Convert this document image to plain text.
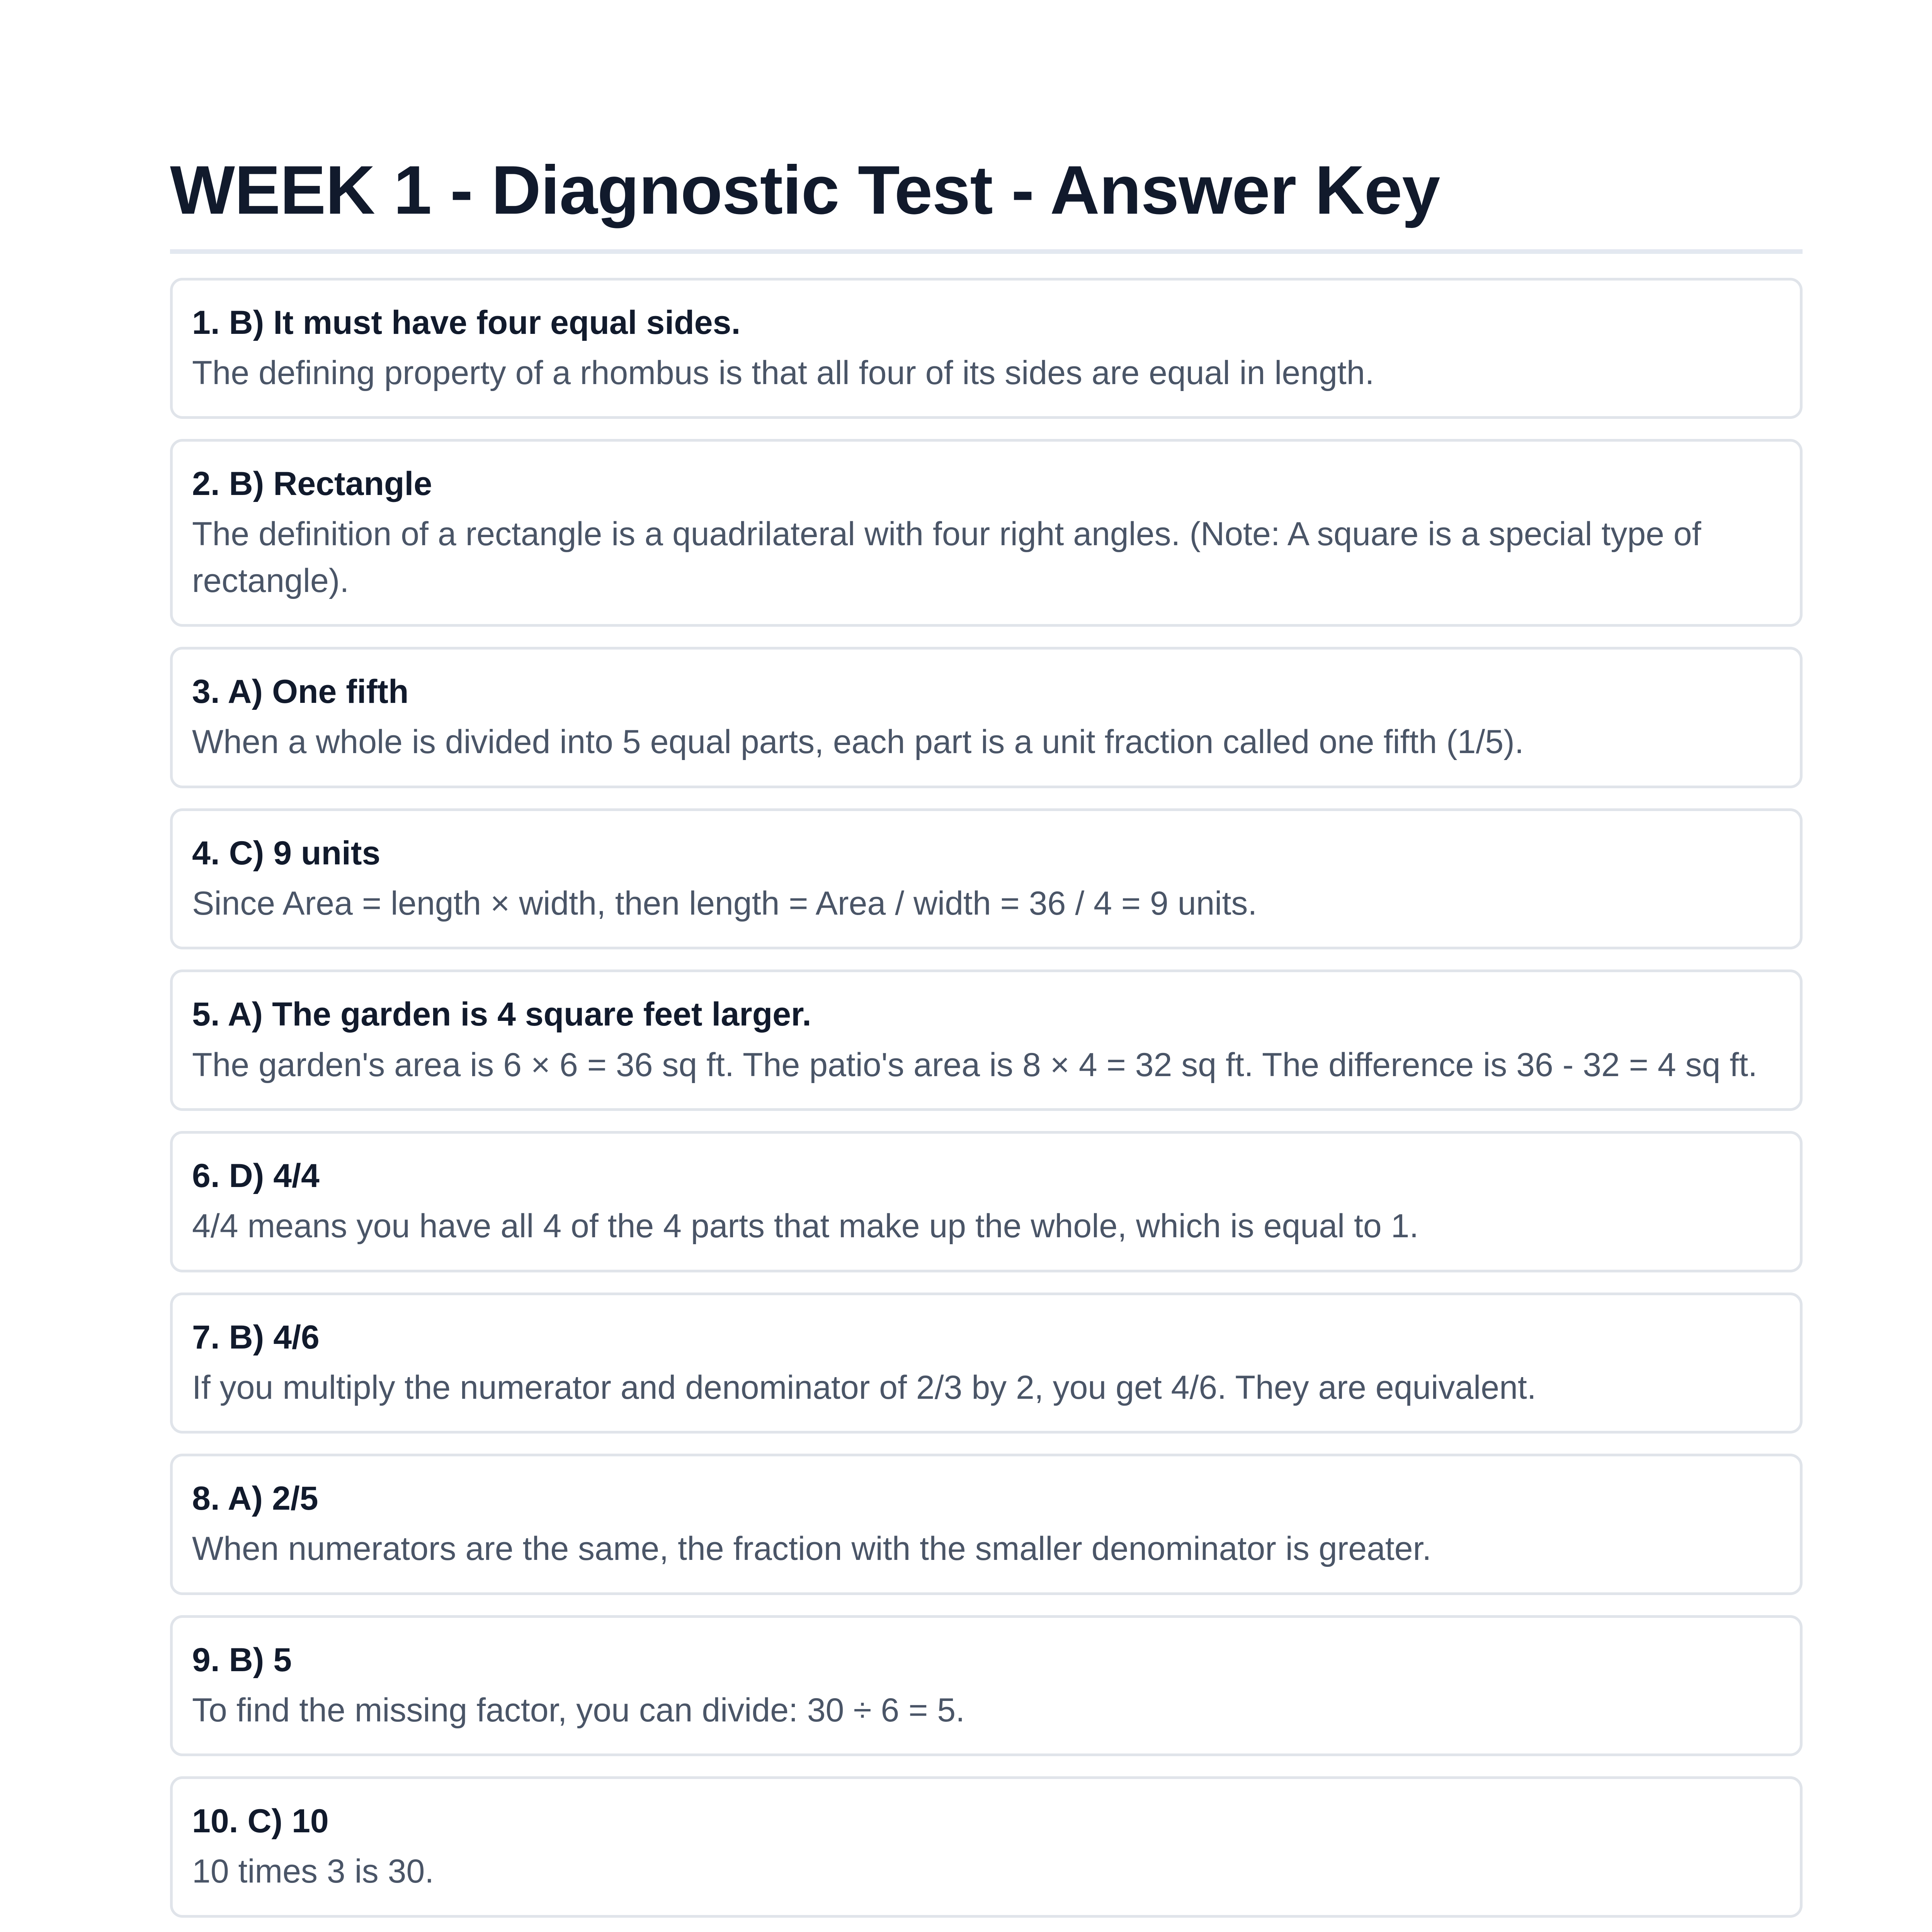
WEEK 1 - Diagnostic Test - Answer Key
1. B) It must have four equal sides.
The defining property of a rhombus is that all four of its sides are equal in length.
2. B) Rectangle
The definition of a rectangle is a quadrilateral with four right angles. (Note: A square is a special type of rectangle).
3. A) One fifth
When a whole is divided into 5 equal parts, each part is a unit fraction called one fifth (1/5).
4. C) 9 units
Since Area = length × width, then length = Area / width = 36 / 4 = 9 units.
5. A) The garden is 4 square feet larger.
The garden's area is 6 × 6 = 36 sq ft. The patio's area is 8 × 4 = 32 sq ft. The difference is 36 - 32 = 4 sq ft.
6. D) 4/4
4/4 means you have all 4 of the 4 parts that make up the whole, which is equal to 1.
7. B) 4/6
If you multiply the numerator and denominator of 2/3 by 2, you get 4/6. They are equivalent.
8. A) 2/5
When numerators are the same, the fraction with the smaller denominator is greater.
9. B) 5
To find the missing factor, you can divide: 30 ÷ 6 = 5.
10. C) 10
10 times 3 is 30.
